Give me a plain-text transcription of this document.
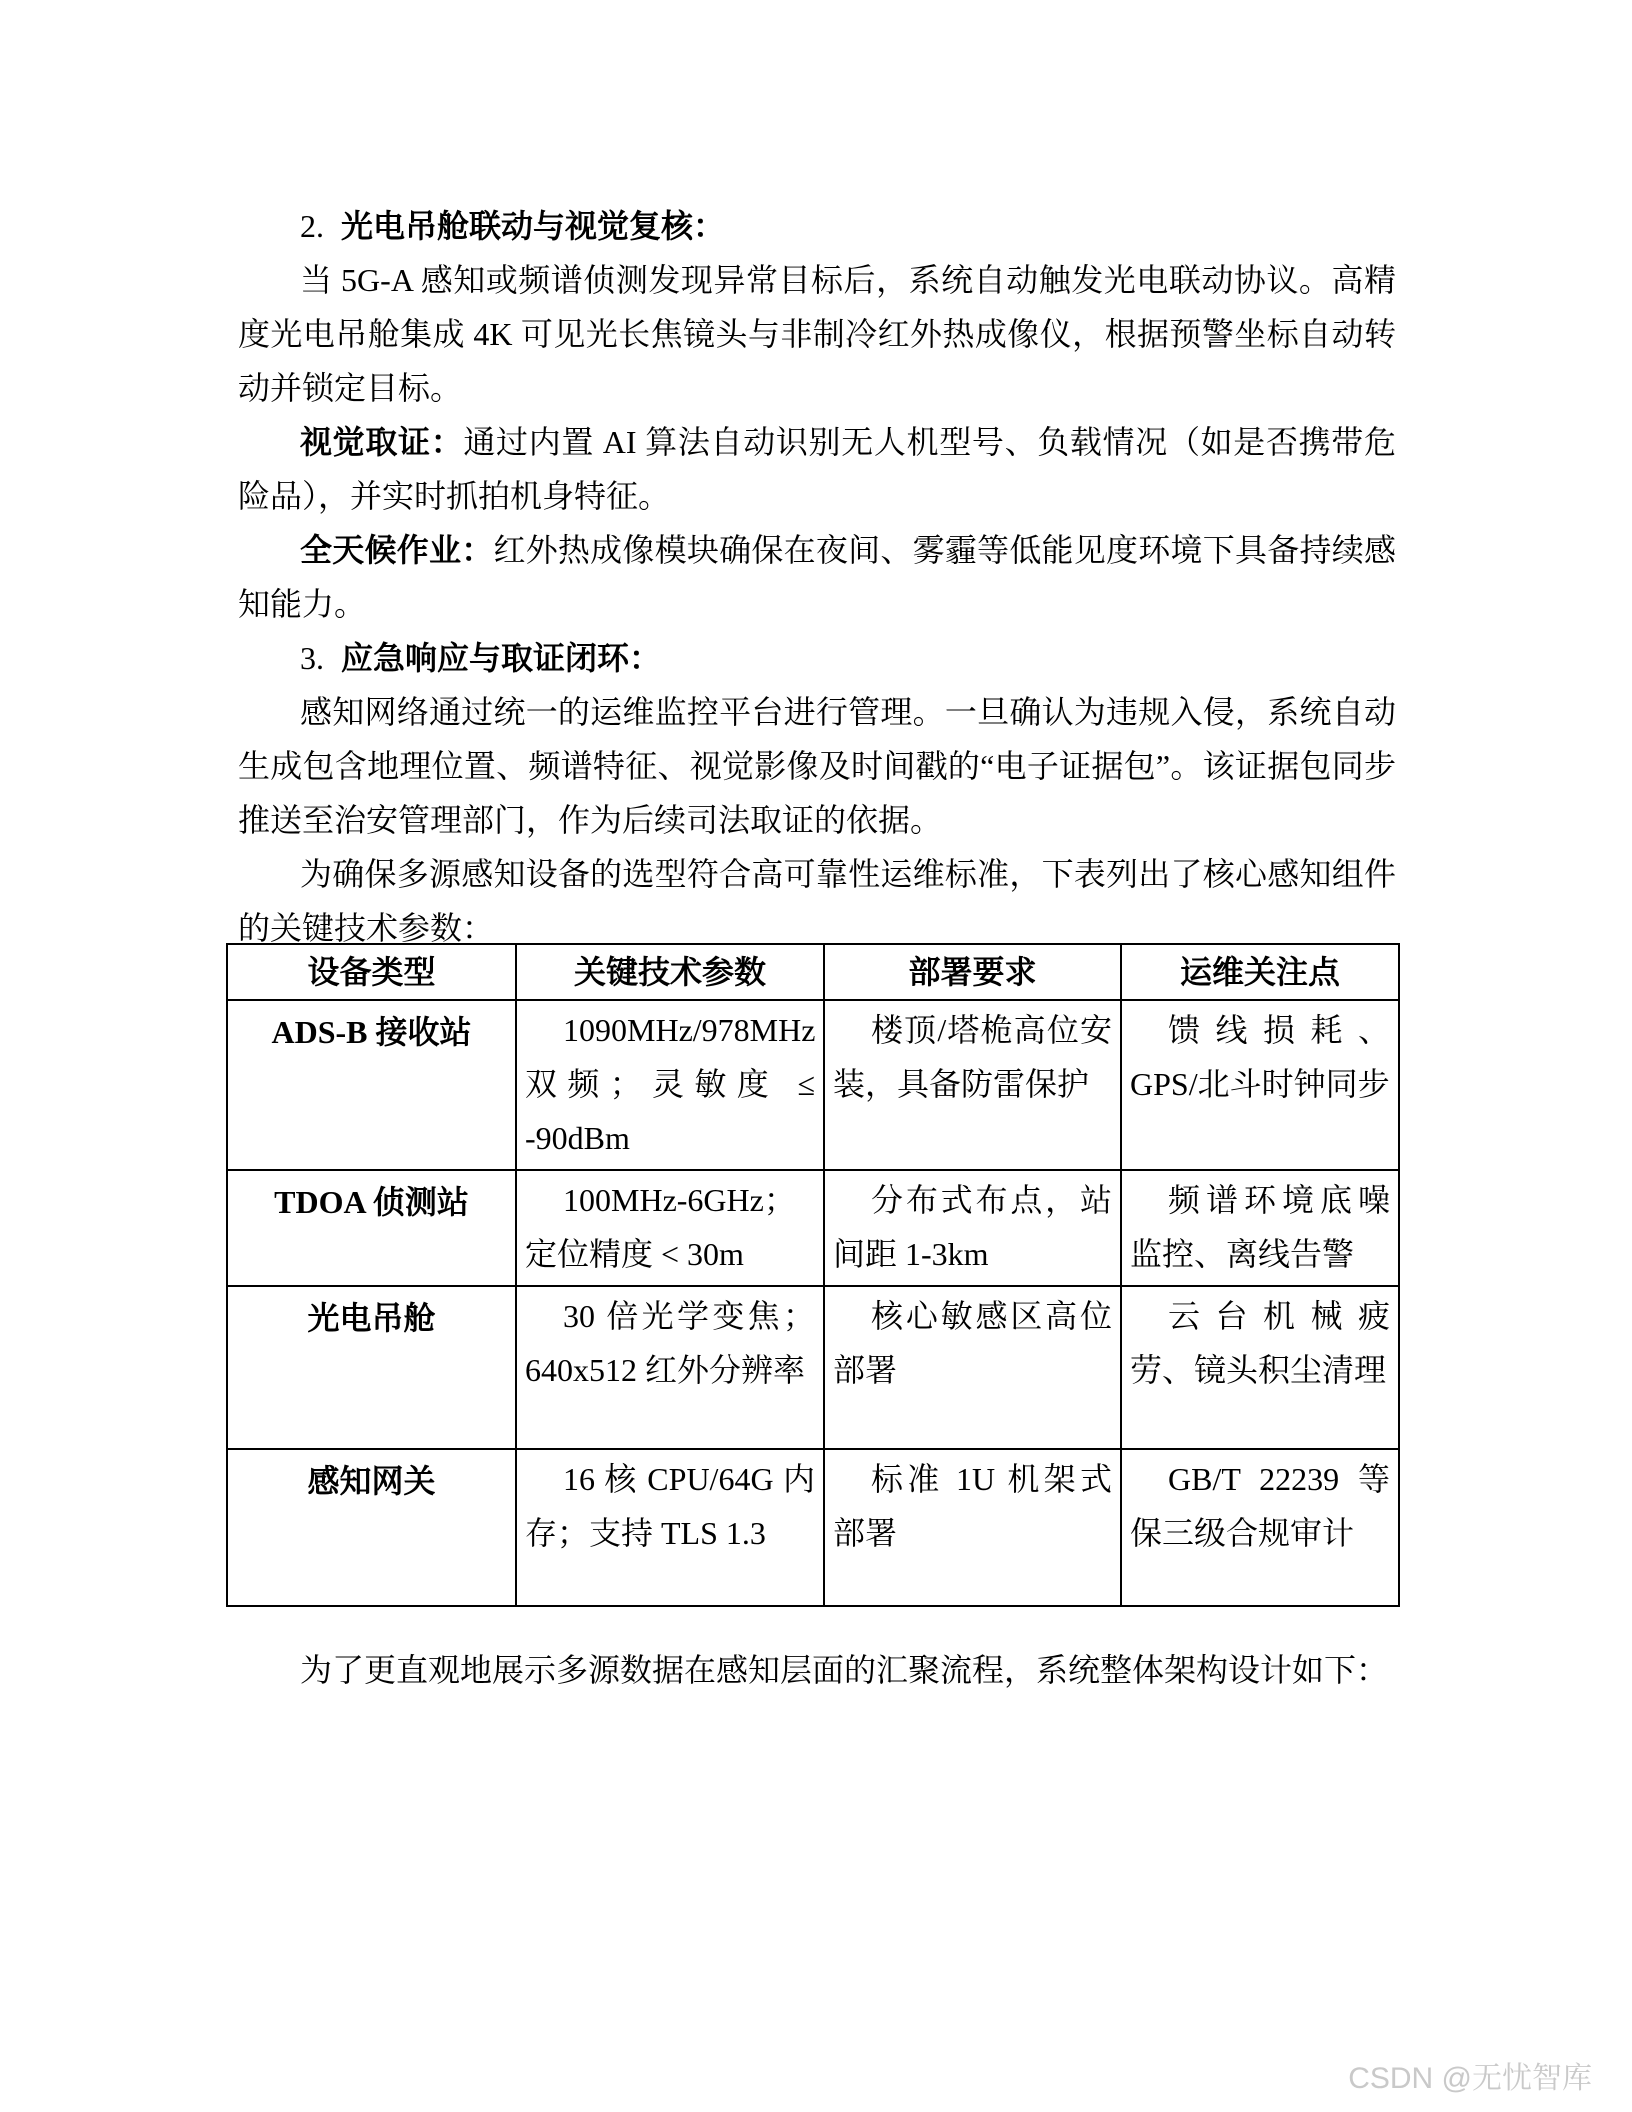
2. 光电吊舱联动与视觉复核：

当 5G-A 感知或频谱侦测发现异常目标后，系统自动触发光电联动协议。高精度光电吊舱集成 4K 可见光长焦镜头与非制冷红外热成像仪，根据预警坐标自动转动并锁定目标。

视觉取证：通过内置 AI 算法自动识别无人机型号、负载情况（如是否携带危险品），并实时抓拍机身特征。

全天候作业：红外热成像模块确保在夜间、雾霾等低能见度环境下具备持续感知能力。

3. 应急响应与取证闭环：

感知网络通过统一的运维监控平台进行管理。一旦确认为违规入侵，系统自动生成包含地理位置、频谱特征、视觉影像及时间戳的“电子证据包”。该证据包同步推送至治安管理部门，作为后续司法取证的依据。

为确保多源感知设备的选型符合高可靠性运维标准，下表列出了核心感知组件的关键技术参数：

设备类型	关键技术参数	部署要求	运维关注点
ADS-B 接收站	1090MHz/978MHz 双频；灵敏度 ≤ -90dBm	楼顶/塔桅高位安装，具备防雷保护	馈线损耗、GPS/北斗时钟同步
TDOA 侦测站	100MHz-6GHz；定位精度 < 30m	分布式布点，站间距 1-3km	频谱环境底噪监控、离线告警
光电吊舱	30 倍光学变焦；640x512 红外分辨率	核心敏感区高位部署	云台机械疲劳、镜头积尘清理
感知网关	16 核 CPU/64G 内存；支持 TLS 1.3	标准 1U 机架式部署	GB/T 22239 等保三级合规审计

为了更直观地展示多源数据在感知层面的汇聚流程，系统整体架构设计如下：

CSDN @无忧智库
